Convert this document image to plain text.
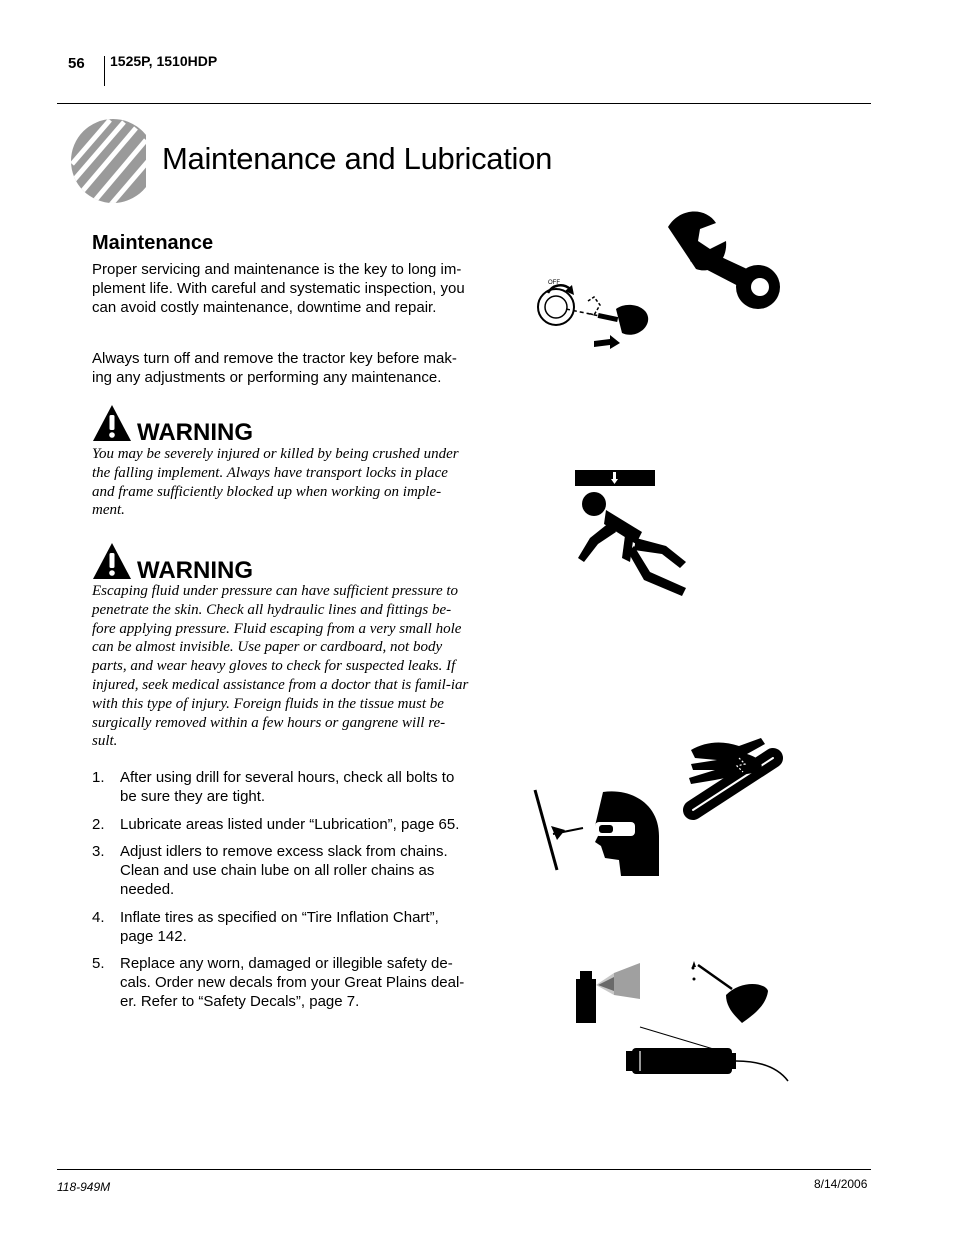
56 1525P, 1510HDP
Maintenance and Lubrication
Maintenance
Proper servicing and maintenance is the key to long im-plement life. With careful and systematic inspection, you can avoid costly maintenance, downtime and repair.
Always turn off and remove the tractor key before mak-ing any adjustments or performing any maintenance.
WARNING
You may be severely injured or killed by being crushed under the falling implement. Always have transport locks in place and frame sufficiently blocked up when working on imple-ment.
WARNING
Escaping fluid under pressure can have sufficient pressure to penetrate the skin. Check all hydraulic lines and fittings be-fore applying pressure. Fluid escaping from a very small hole can be almost invisible. Use paper or cardboard, not body parts, and wear heavy gloves to check for suspected leaks. If injured, seek medical assistance from a doctor that is famil-iar with this type of injury. Foreign fluids in the tissue must be surgically removed within a few hours or gangrene will re-sult.
1. After using drill for several hours, check all bolts to be sure they are tight.
2. Lubricate areas listed under “Lubrication”, page 65.
3. Adjust idlers to remove excess slack from chains. Clean and use chain lube on all roller chains as needed.
4. Inflate tires as specified on “Tire Inflation Chart”, page 142.
5. Replace any worn, damaged or illegible safety de-cals. Order new decals from your Great Plains deal-er. Refer to “Safety Decals”, page 7.
OFF
118-949M	8/14/2006
